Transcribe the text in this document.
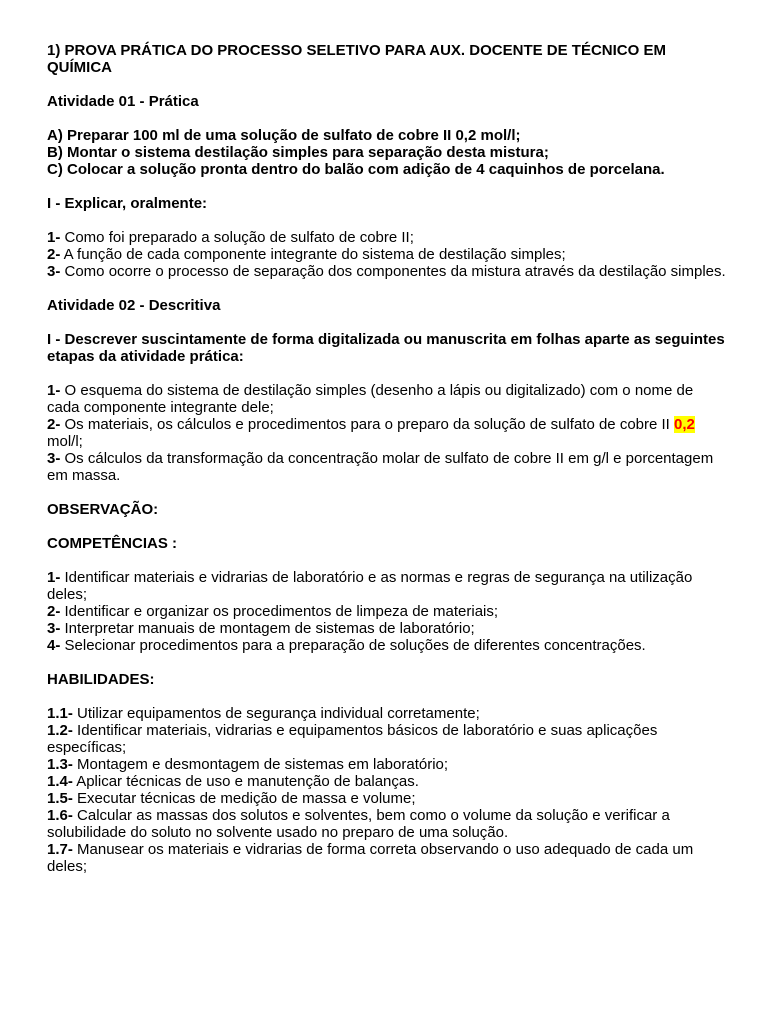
1) PROVA PRÁTICA DO PROCESSO SELETIVO PARA AUX. DOCENTE DE TÉCNICO EM QUÍMICA

Atividade 01 - Prática

A) Preparar 100 ml de uma solução de sulfato de cobre II 0,2 mol/l;

B) Montar o sistema destilação simples para separação desta mistura;

C) Colocar a solução pronta dentro do balão com adição de 4 caquinhos de porcelana.

I - Explicar, oralmente:

1- Como foi preparado a solução de sulfato de cobre II;

2- A função de cada componente integrante do sistema de destilação simples;

3- Como ocorre o processo de separação dos componentes da mistura através da destilação simples.

Atividade 02 - Descritiva

I - Descrever suscintamente de forma digitalizada ou manuscrita em folhas aparte as seguintes etapas da atividade prática:

1- O esquema do sistema de destilação simples (desenho a lápis ou digitalizado) com o nome de cada componente integrante dele;

2- Os materiais, os cálculos e procedimentos para o preparo da solução de sulfato de cobre II 0,2 mol/l;

3- Os cálculos da transformação da concentração molar de sulfato de cobre II em g/l e porcentagem em massa.

OBSERVAÇÃO:

COMPETÊNCIAS :

1- Identificar materiais e vidrarias de laboratório e as normas e regras de segurança na utilização deles;

2- Identificar e organizar os procedimentos de limpeza de materiais;

3- Interpretar manuais de montagem de sistemas de laboratório;

4- Selecionar procedimentos para a preparação de soluções de diferentes concentrações.

HABILIDADES:

1.1- Utilizar equipamentos de segurança individual corretamente;

1.2- Identificar materiais, vidrarias e equipamentos básicos de laboratório e suas aplicações específicas;

1.3- Montagem e desmontagem de sistemas em laboratório;

1.4- Aplicar técnicas de uso e manutenção de balanças.

1.5- Executar técnicas de medição de massa e volume;

1.6- Calcular as massas dos solutos e solventes, bem como o volume da solução e verificar a solubilidade do soluto no solvente usado no preparo de uma solução.

1.7- Manusear os materiais e vidrarias de forma correta observando o uso adequado de cada um deles;
